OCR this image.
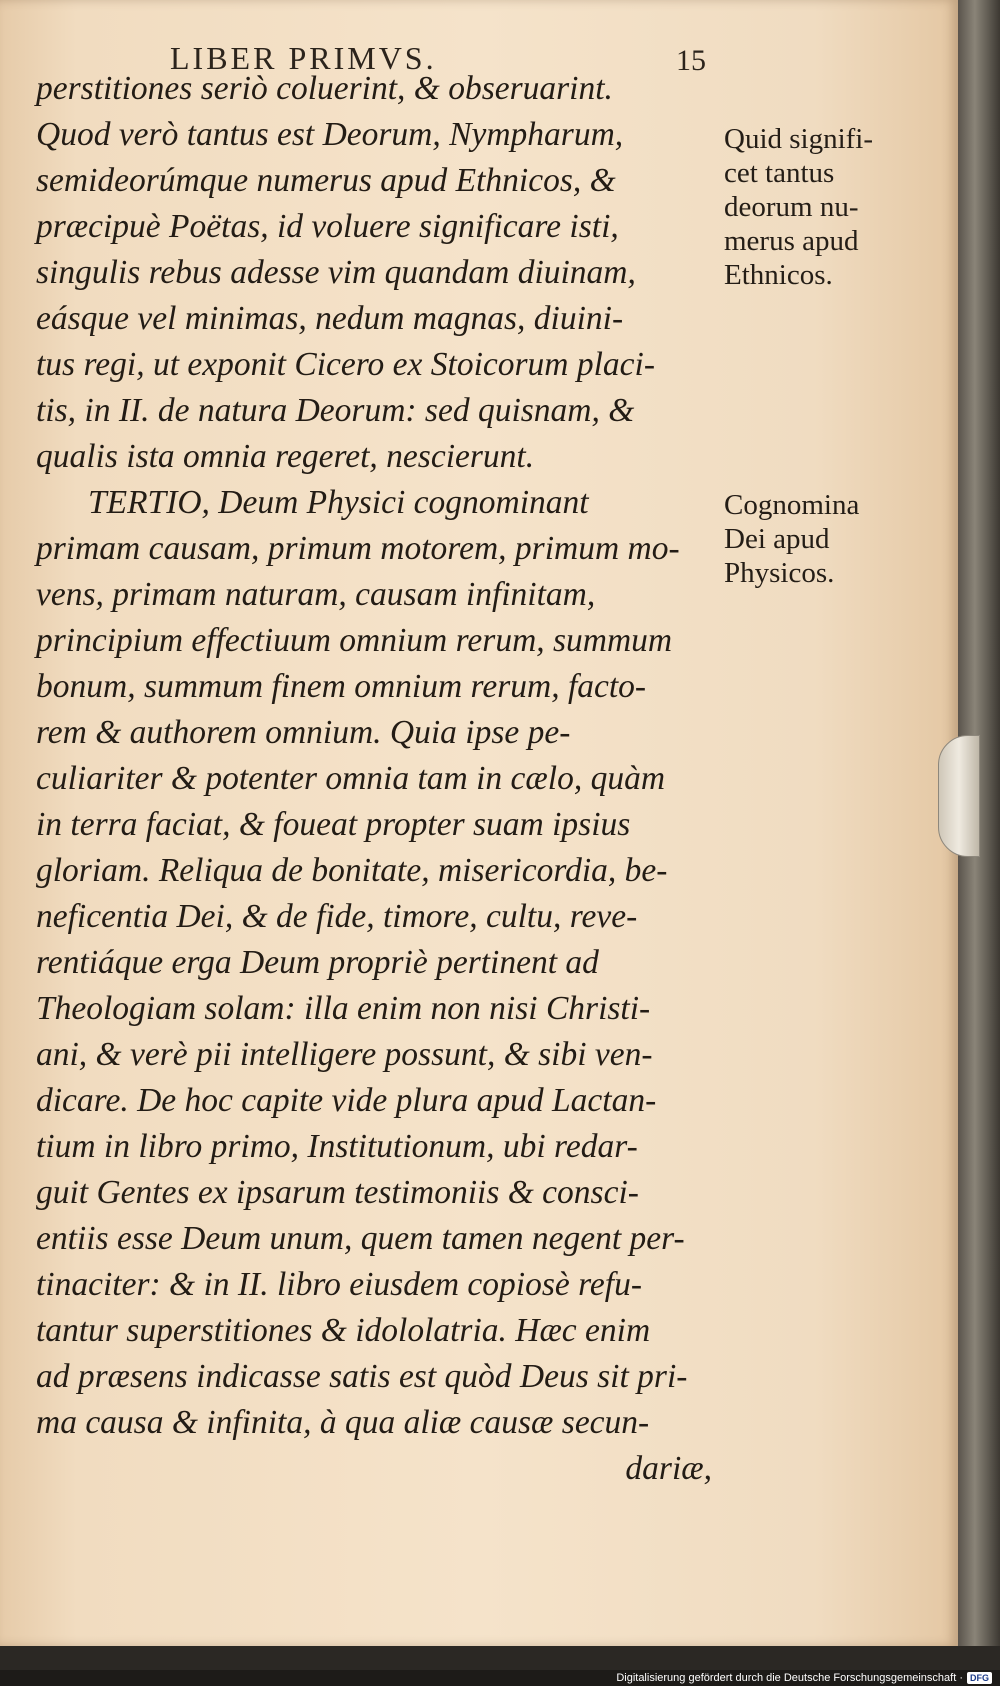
LIBER PRIMVS.	15
perstitiones seriò coluerint, & obseruarint.
Quod verò tantus est Deorum, Nympharum,
semideorúmque numerus apud Ethnicos, &
præcipuè Poëtas, id voluere significare isti,
singulis rebus adesse vim quandam diuinam,
eásque vel minimas, nedum magnas, diuini-
tus regi, ut exponit Cicero ex Stoicorum placi-
tis, in II. de natura Deorum: sed quisnam, &
qualis ista omnia regeret, nescierunt.
TERTIO, Deum Physici cognominant
primam causam, primum motorem, primum mo-
vens, primam naturam, causam infinitam,
principium effectiuum omnium rerum, summum
bonum, summum finem omnium rerum, facto-
rem & authorem omnium. Quia ipse pe-
culiariter & potenter omnia tam in cælo, quàm
in terra faciat, & foueat propter suam ipsius
gloriam. Reliqua de bonitate, misericordia, be-
neficentia Dei, & de fide, timore, cultu, reve-
rentiáque erga Deum propriè pertinent ad
Theologiam solam: illa enim non nisi Christi-
ani, & verè pii intelligere possunt, & sibi ven-
dicare. De hoc capite vide plura apud Lactan-
tium in libro primo, Institutionum, ubi redar-
guit Gentes ex ipsarum testimoniis & consci-
entiis esse Deum unum, quem tamen negent per-
tinaciter: & in II. libro eiusdem copiosè refu-
tantur superstitiones & idololatria. Hæc enim
ad præsens indicasse satis est quòd Deus sit pri-
ma causa & infinita, à qua aliæ causæ secun-
dariæ,
Quid signifi-
cet tantus
deorum nu-
merus apud
Ethnicos.
Cognomina
Dei apud
Physicos.
Digitalisierung gefördert durch die Deutsche Forschungsgemeinschaft · DFG
